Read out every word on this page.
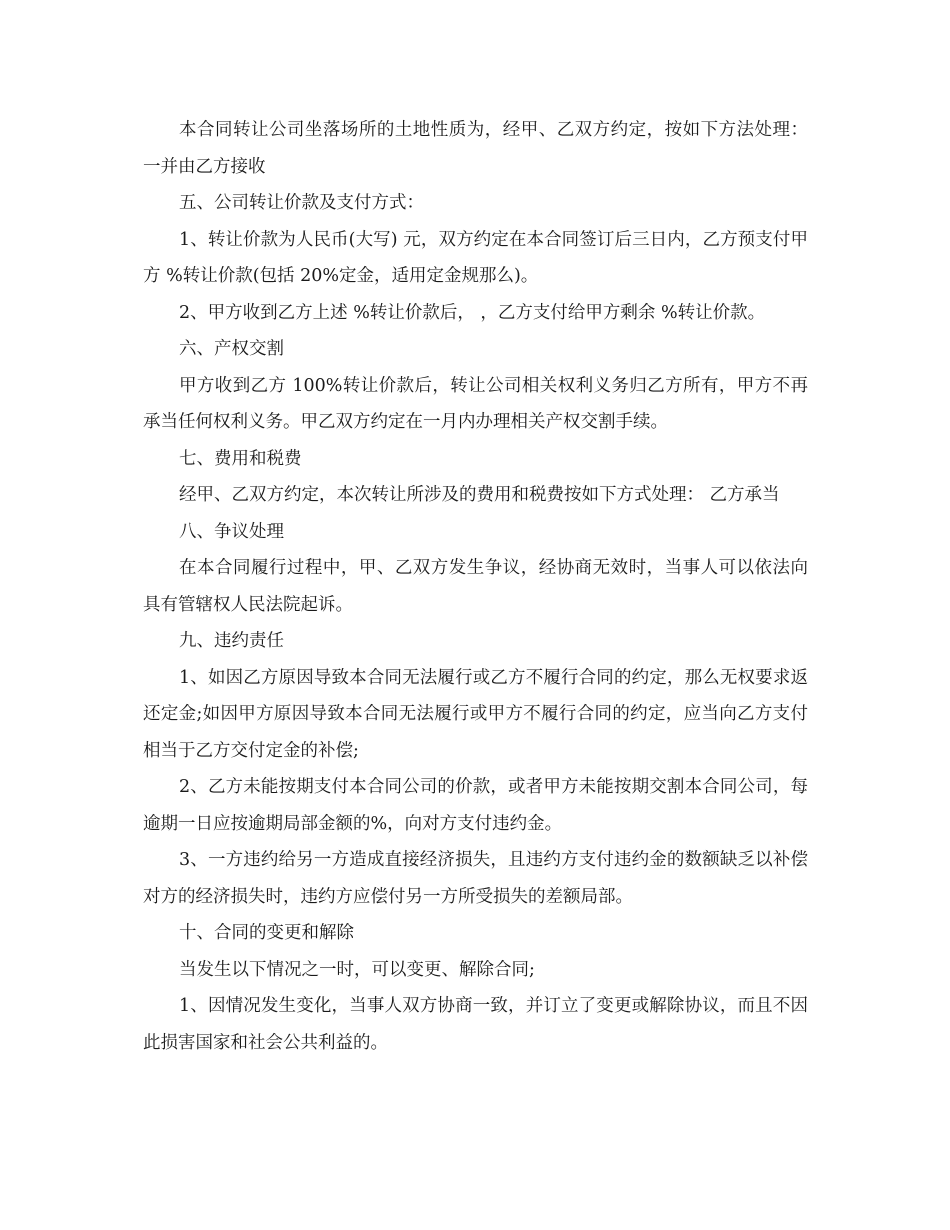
本合同转让公司坐落场所的土地性质为，经甲、乙双方约定，按如下方法处理：一并由乙方接收

五、公司转让价款及支付方式：

1、转让价款为人民币(大写) 元，双方约定在本合同签订后三日内，乙方预支付甲方 %转让价款(包括 20%定金，适用定金规那么)。

2、甲方收到乙方上述 %转让价款后， ，乙方支付给甲方剩余 %转让价款。

六、产权交割

甲方收到乙方 100%转让价款后，转让公司相关权利义务归乙方所有，甲方不再承当任何权利义务。甲乙双方约定在一月内办理相关产权交割手续。

七、费用和税费

经甲、乙双方约定，本次转让所涉及的费用和税费按如下方式处理： 乙方承当

八、争议处理

在本合同履行过程中，甲、乙双方发生争议，经协商无效时，当事人可以依法向具有管辖权人民法院起诉。

九、违约责任

1、如因乙方原因导致本合同无法履行或乙方不履行合同的约定，那么无权要求返还定金;如因甲方原因导致本合同无法履行或甲方不履行合同的约定，应当向乙方支付相当于乙方交付定金的补偿;

2、乙方未能按期支付本合同公司的价款，或者甲方未能按期交割本合同公司，每逾期一日应按逾期局部金额的%，向对方支付违约金。

3、一方违约给另一方造成直接经济损失，且违约方支付违约金的数额缺乏以补偿对方的经济损失时，违约方应偿付另一方所受损失的差额局部。

十、合同的变更和解除

当发生以下情况之一时，可以变更、解除合同;

1、因情况发生变化，当事人双方协商一致，并订立了变更或解除协议，而且不因此损害国家和社会公共利益的。
